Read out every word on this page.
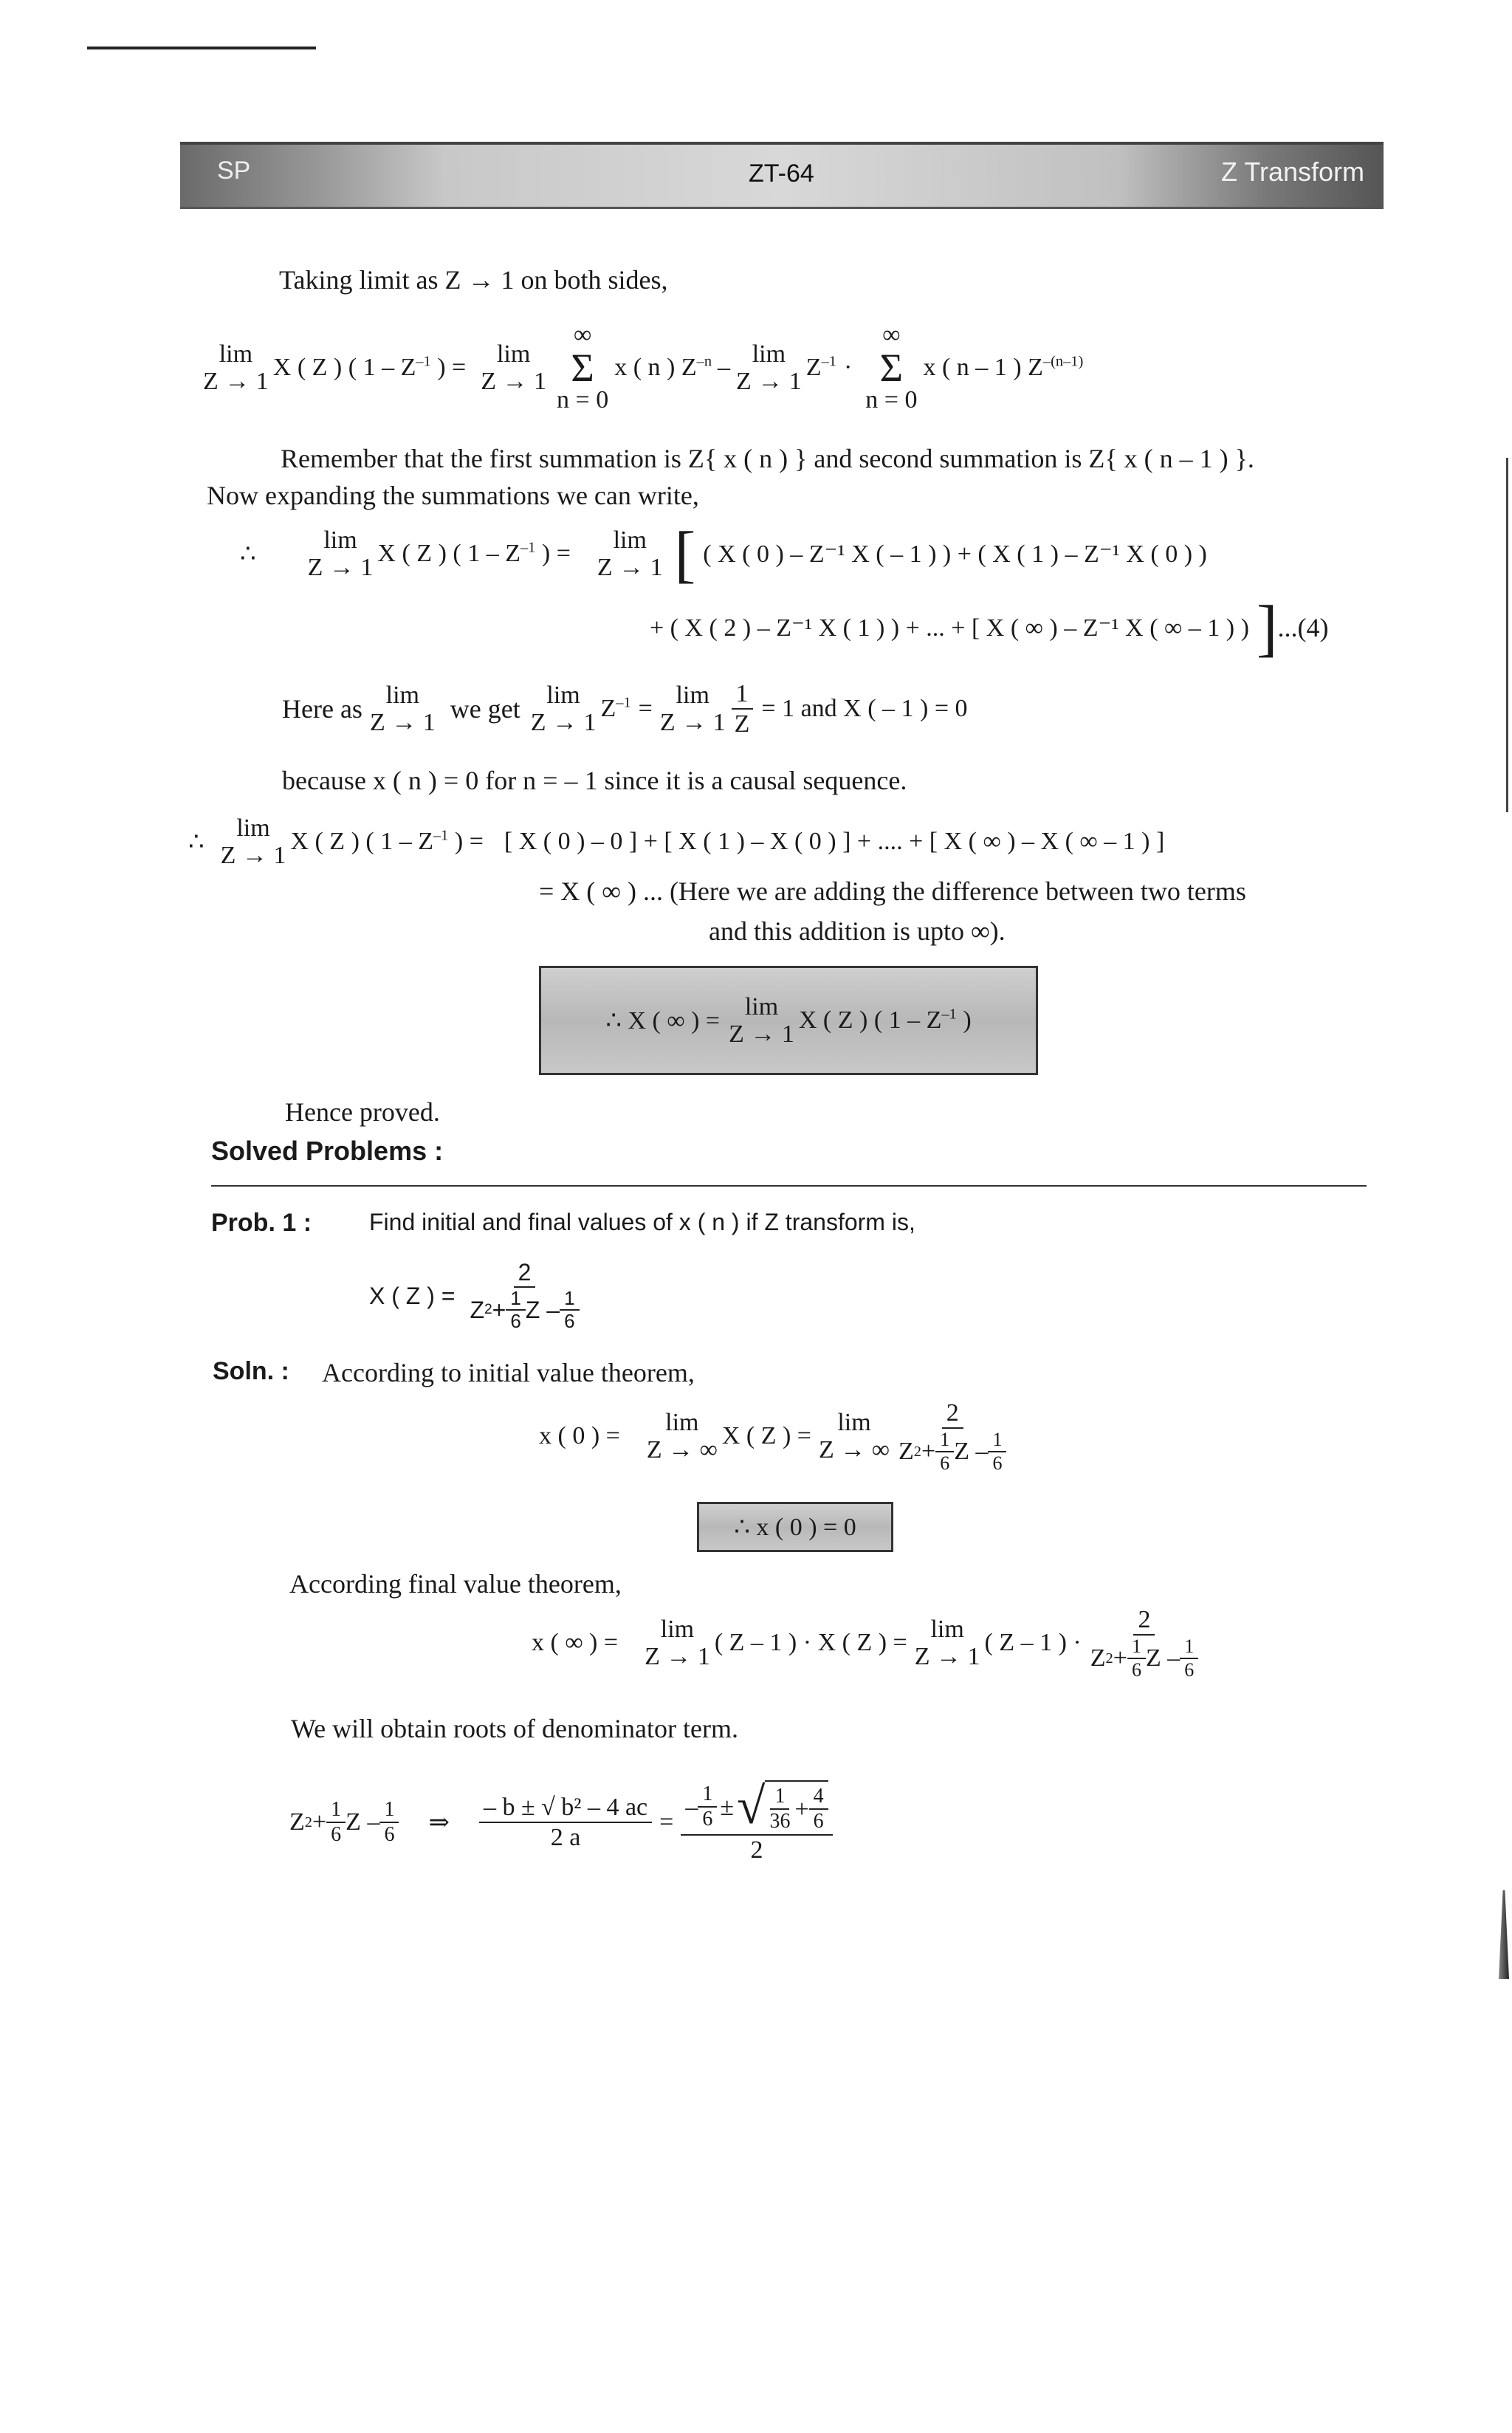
SP	ZT-64	Z Transform
Taking limit as Z → 1 on both sides,
lim
Z → 1
X ( Z ) ( $1 - Z^{-1}$ ) = lim
Z → 1
∞
Σ
n = 0
x ( n ) $Z^{-n}$ – lim
Z → 1
$Z^{-1}$ ·
∞
Σ
n = 0
x ( n – 1 ) $Z^{-(n-1)}$
Remember that the first summation is Z{ x ( n ) } and second summation is Z{ x ( n – 1 ) }.
Now expanding the summations we can write,
∴
lim
Z → 1
X ( Z ) ( $1 - Z^{-1}$ ) = lim
Z → 1 [ ( X ( 0 ) – Z⁻¹ X ( – 1 ) ) + ( X ( 1 ) – Z⁻¹ X ( 0 ) )
+ ( X ( 2 ) – Z⁻¹ X ( 1 ) ) + ... + [ X ( ∞ ) – Z⁻¹ X ( ∞ – 1 ) ) ] ...(4)
Here as lim
Z → 1 we get lim
Z → 1
$Z^{-1} = \lim$
$Z \to 1 \frac{1}{Z} = 1$ and X ( – 1 ) = 0
because x ( n ) = 0 for n = – 1 since it is a causal sequence.
∴
lim
Z → 1
X ( Z ) ( $1 - Z^{-1}$ ) = [ X ( 0 ) – 0 ] + [ X ( 1 ) – X ( 0 ) ] + .... + [ X ( ∞ ) – X ( ∞ – 1 ) ]
= X ( ∞ ) ... (Here we are adding the difference between two terms
and this addition is upto ∞).
∴ X ( ∞ ) =
lim
Z → 1
X ( Z ) ( $1 - Z^{-1}$ )
Hence proved.
Solved Problems :
Prob. 1 : Find initial and final values of x ( n ) if Z transform is,
X ( Z ) = $\frac{2}{Z 2 + \frac{1}{6} Z - \frac{1}{6}}$
Soln. : According to initial value theorem,
x ( 0 ) = lim
Z → ∞
X ( Z ) = lim
Z → ∞ $\frac{2}{Z 2 + \frac{1}{6} Z - \frac{1}{6}}$
∴ x ( 0 ) = 0
According final value theorem,
x ( ∞ ) = lim
Z → 1
( Z – 1 ) · X ( Z ) = lim
Z → 1
( Z – 1 ) · $\frac{2}{Z 2 + \frac{1}{6} Z - \frac{1}{6}}$
We will obtain roots of denominator term.
Z $2 + \frac{1}{6}$ Z – $\frac{1}{6}$ ⇒ $\frac{\text{– b ± √ b² – 4 ac}}{2 a}$ =
– $\frac{1}{6}$ ± √ $\frac{1}{36} + \frac{4}{6}$
2
